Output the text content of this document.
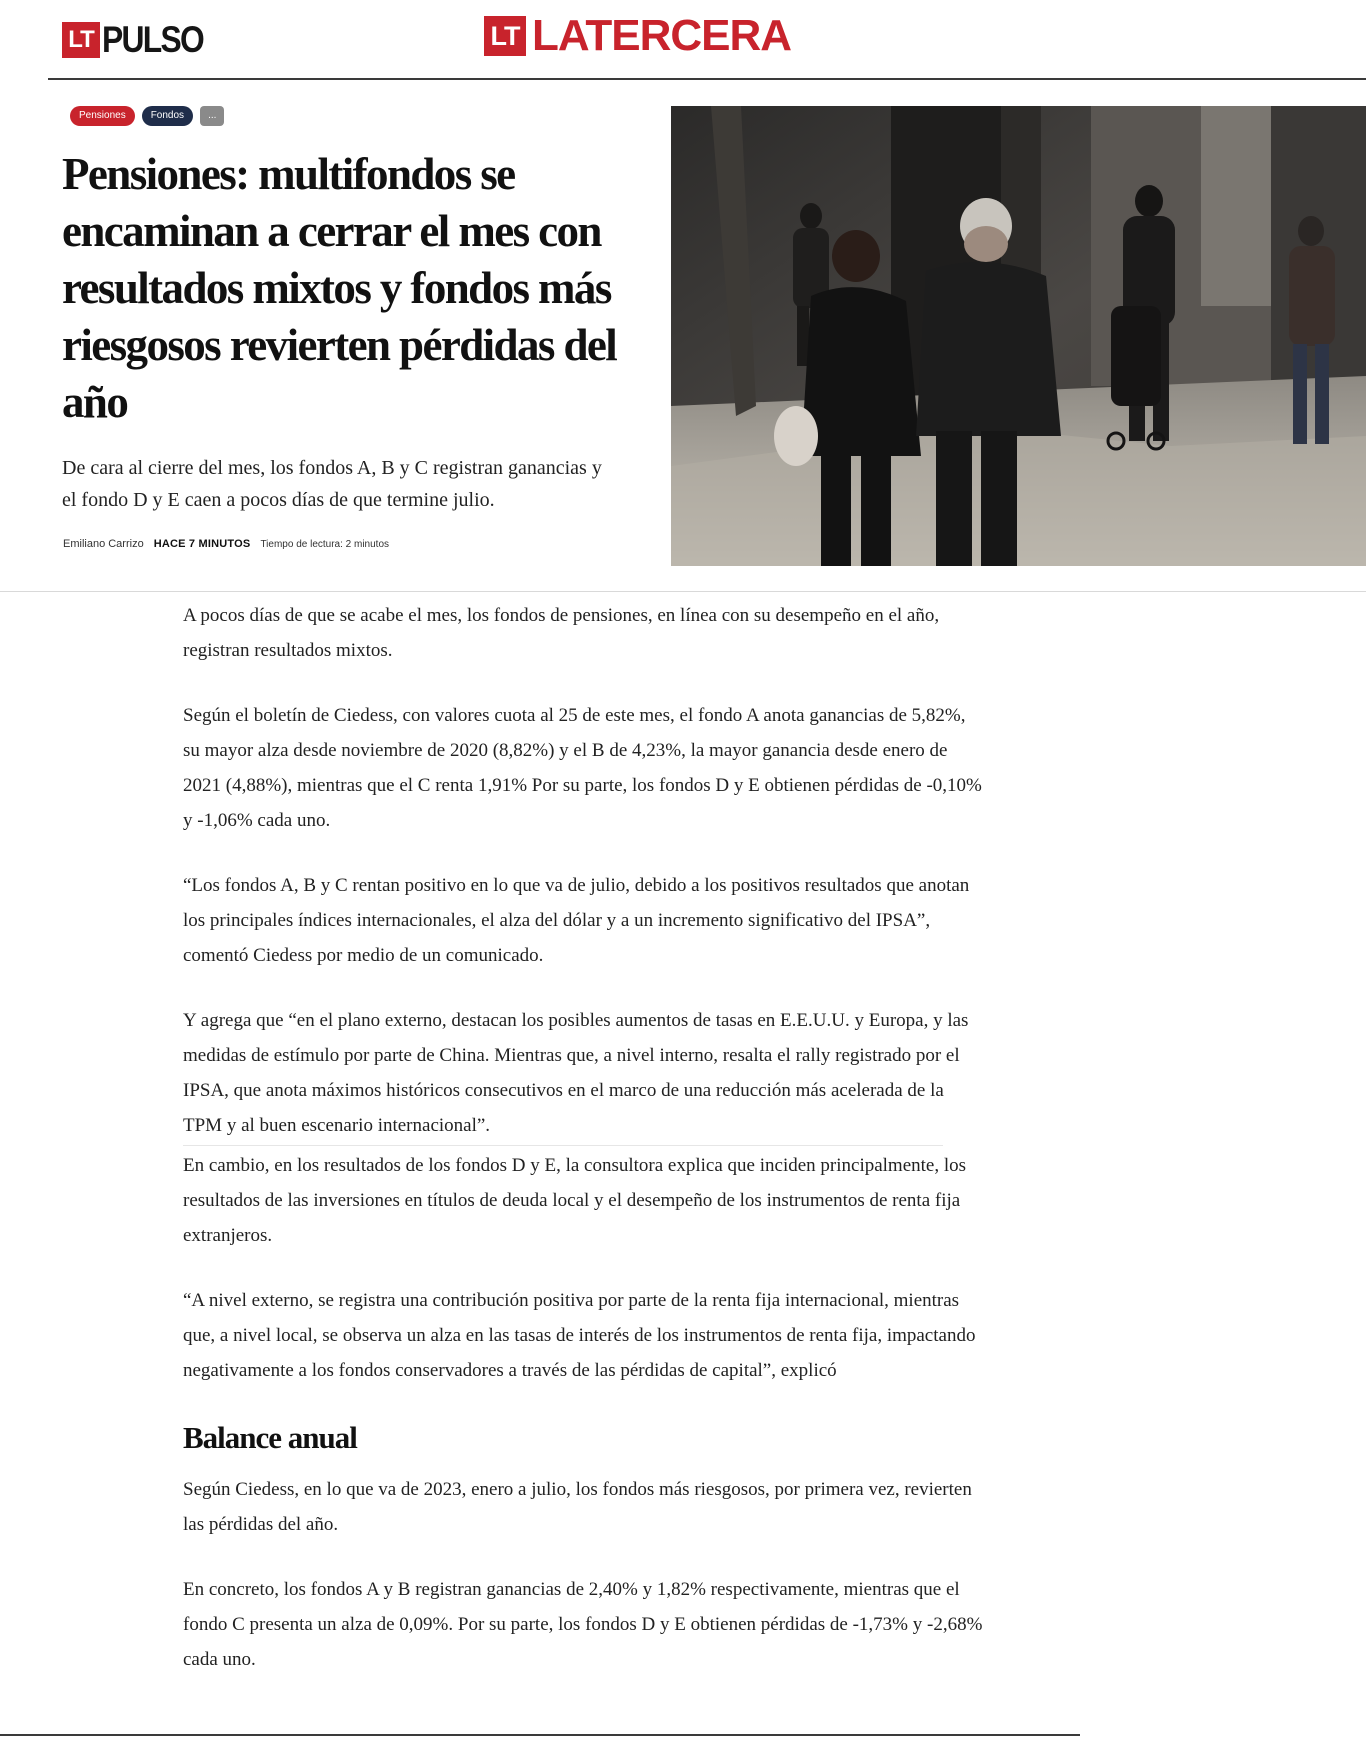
LT PULSO	LT LATERCERA
Pensiones	Fondos	...
Pensiones: multifondos se encaminan a cerrar el mes con resultados mixtos y fondos más riesgosos revierten pérdidas del año
De cara al cierre del mes, los fondos A, B y C registran ganancias y
el fondo D y E caen a pocos días de que termine julio.
Emiliano Carrizo HACE 7 MINUTOS Tiempo de lectura: 2 minutos

A pocos días de que se acabe el mes, los fondos de pensiones, en línea con su desempeño en el año, registran resultados mixtos.

Según el boletín de Ciedess, con valores cuota al 25 de este mes, el fondo A anota ganancias de 5,82%, su mayor alza desde noviembre de 2020 (8,82%) y el B de 4,23%, la mayor ganancia desde enero de 2021 (4,88%), mientras que el C renta 1,91% Por su parte, los fondos D y E obtienen pérdidas de -0,10% y -1,06% cada uno.

“Los fondos A, B y C rentan positivo en lo que va de julio, debido a los positivos resultados que anotan los principales índices internacionales, el alza del dólar y a un incremento significativo del IPSA”, comentó Ciedess por medio de un comunicado.

Y agrega que “en el plano externo, destacan los posibles aumentos de tasas en E.E.U.U. y Europa, y las medidas de estímulo por parte de China. Mientras que, a nivel interno, resalta el rally registrado por el IPSA, que anota máximos históricos consecutivos en el marco de una reducción más acelerada de la TPM y al buen escenario internacional”.

En cambio, en los resultados de los fondos D y E, la consultora explica que inciden principalmente, los resultados de las inversiones en títulos de deuda local y el desempeño de los instrumentos de renta fija extranjeros.

“A nivel externo, se registra una contribución positiva por parte de la renta fija internacional, mientras que, a nivel local, se observa un alza en las tasas de interés de los instrumentos de renta fija, impactando negativamente a los fondos conservadores a través de las pérdidas de capital”, explicó

Balance anual

Según Ciedess, en lo que va de 2023, enero a julio, los fondos más riesgosos, por primera vez, revierten las pérdidas del año.

En concreto, los fondos A y B registran ganancias de 2,40% y 1,82% respectivamente, mientras que el fondo C presenta un alza de 0,09%. Por su parte, los fondos D y E obtienen pérdidas de -1,73% y -2,68% cada uno.
